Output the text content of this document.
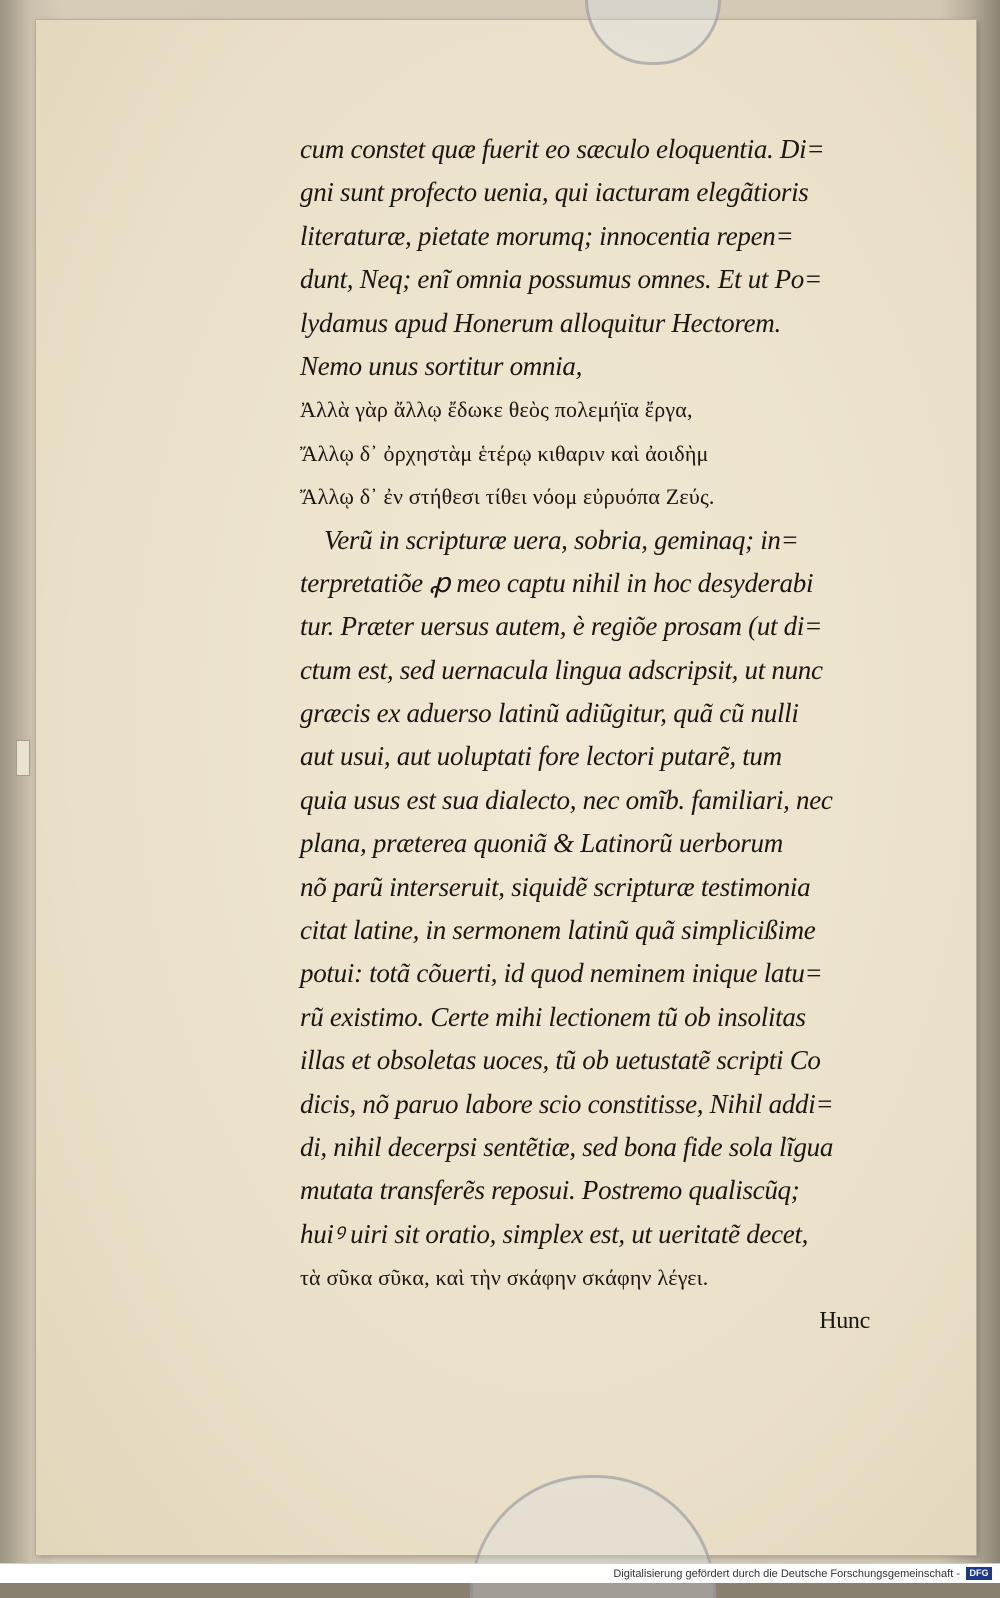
cum constet quæ fuerit eo sæculo eloquentia. Di=
gni sunt profecto uenia, qui iacturam elegãtioris
literaturæ, pietate morumq; innocentia repen=
dunt, Neq; enĩ omnia possumus omnes. Et ut Po=
lydamus apud Honerum alloquitur Hectorem.
Nemo unus sortitur omnia,
Ἀλλὰ γὰρ ἄλλῳ ἔδωκε θεὸς πολεμήϊα ἔργα,
Ἄλλῳ δ᾽ ὀρχηστὰμ ἑτέρῳ κιθαριν καὶ ἀοιδὴμ
Ἄλλῳ δ᾽ ἐν στήθεσι τίθει νόομ εὐρυόπα Ζεύς.
Verũ in scripturæ uera, sobria, geminaq; in=
terpretatiõe ꝓ meo captu nihil in hoc desyderabi
tur. Præter uersus autem, è regiõe prosam (ut di=
ctum est, sed uernacula lingua adscripsit, ut nunc
græcis ex aduerso latinũ adiũgitur, quã cũ nulli
aut usui, aut uoluptati fore lectori putarẽ, tum
quia usus est sua dialecto, nec omĩb. familiari, nec
plana, præterea quoniã & Latinorũ uerborum
nõ parũ interseruit, siquidẽ scripturæ testimonia
citat latine, in sermonem latinũ quã simplicißime
potui: totã cõuerti, id quod neminem inique latu=
rũ existimo. Certe mihi lectionem tũ ob insolitas
illas et obsoletas uoces, tũ ob uetustatẽ scripti Co
dicis, nõ paruo labore scio constitisse, Nihil addi=
di, nihil decerpsi sentẽtiæ, sed bona fide sola lĩgua
mutata transferẽs reposui. Postremo qualiscũq;
huiꝰ uiri sit oratio, simplex est, ut ueritatẽ decet,
τὰ σῦκα σῦκα, καὶ τὴν σκάφην σκάφην λέγει.
Hunc
Digitalisierung gefördert durch die Deutsche Forschungsgemeinschaft -	DFG
